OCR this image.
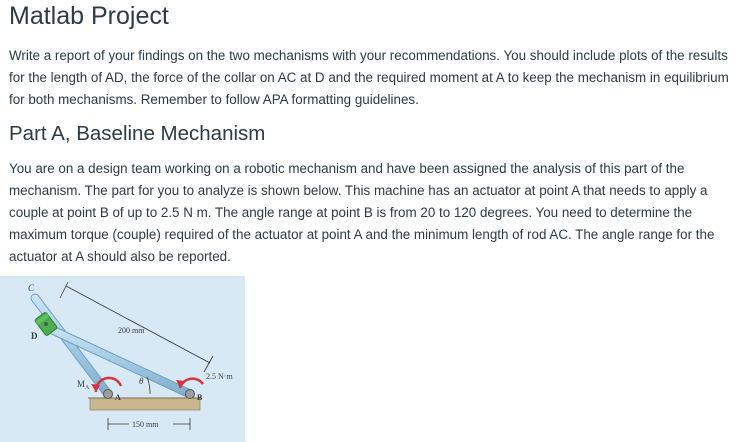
Matlab Project

Write a report of your findings on the two mechanisms with your recommendations. You should include plots of the results for the length of AD, the force of the collar on AC at D and the required moment at A to keep the mechanism in equilibrium for both mechanisms. Remember to follow APA formatting guidelines.

Part A, Baseline Mechanism

You are on a design team working on a robotic mechanism and have been assigned the analysis of this part of the mechanism. The part for you to analyze is shown below. This machine has an actuator at point A that needs to apply a couple at point B of up to 2.5 N m. The angle range at point B is from 20 to 120 degrees. You need to determine the maximum torque (couple) required of the actuator at point A and the minimum length of rod AC. The angle range for the actuator at A should also be reported.

C
D
A	B
$M_A$
θ
200 mm
2.5 N·m
150 mm
